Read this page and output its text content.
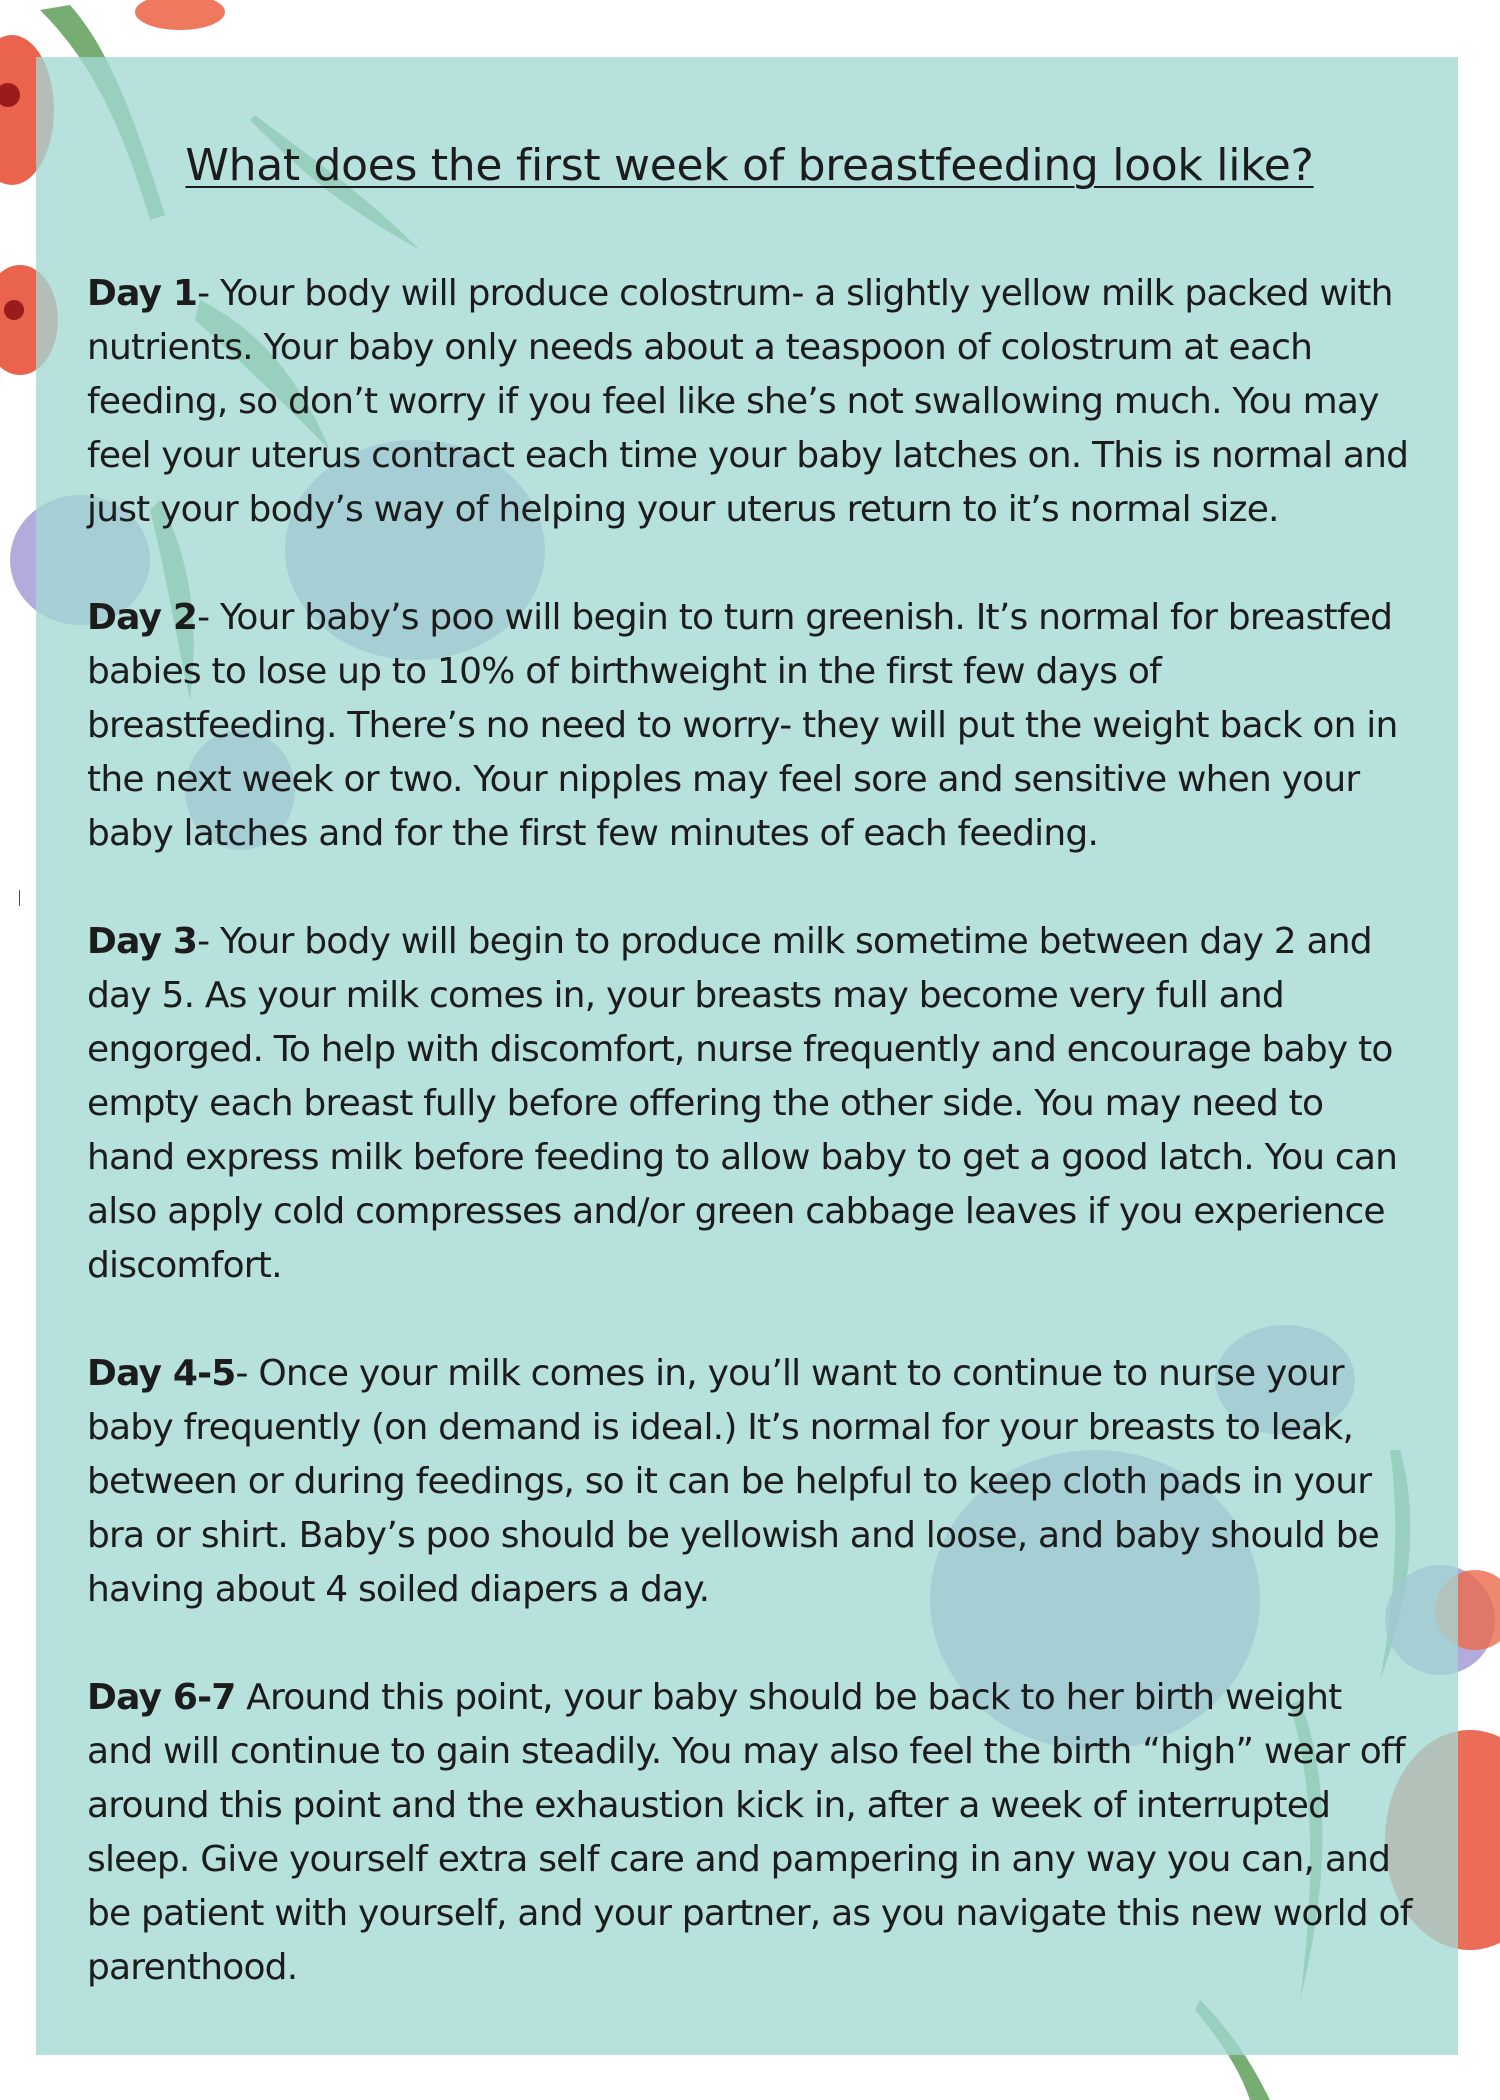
What does the first week of breastfeeding look like?

Day 1- Your body will produce colostrum- a slightly yellow milk packed with nutrients. Your baby only needs about a teaspoon of colostrum at each feeding, so don’t worry if you feel like she’s not swallowing much. You may feel your uterus contract each time your baby latches on. This is normal and just your body’s way of helping your uterus return to it’s normal size.

Day 2- Your baby’s poo will begin to turn greenish. It’s normal for breastfed babies to lose up to 10% of birthweight in the first few days of breastfeeding. There’s no need to worry- they will put the weight back on in the next week or two. Your nipples may feel sore and sensitive when your baby latches and for the first few minutes of each feeding.

Day 3- Your body will begin to produce milk sometime between day 2 and day 5. As your milk comes in, your breasts may become very full and engorged. To help with discomfort, nurse frequently and encourage baby to empty each breast fully before offering the other side. You may need to hand express milk before feeding to allow baby to get a good latch. You can also apply cold compresses and/or green cabbage leaves if you experience discomfort.

Day 4-5- Once your milk comes in, you’ll want to continue to nurse your baby frequently (on demand is ideal.) It’s normal for your breasts to leak, between or during feedings, so it can be helpful to keep cloth pads in your bra or shirt. Baby’s poo should be yellowish and loose, and baby should be having about 4 soiled diapers a day.

Day 6-7 Around this point, your baby should be back to her birth weight and will continue to gain steadily. You may also feel the birth “high” wear off around this point and the exhaustion kick in, after a week of interrupted sleep. Give yourself extra self care and pampering in any way you can, and be patient with yourself, and your partner, as you navigate this new world of parenthood.
